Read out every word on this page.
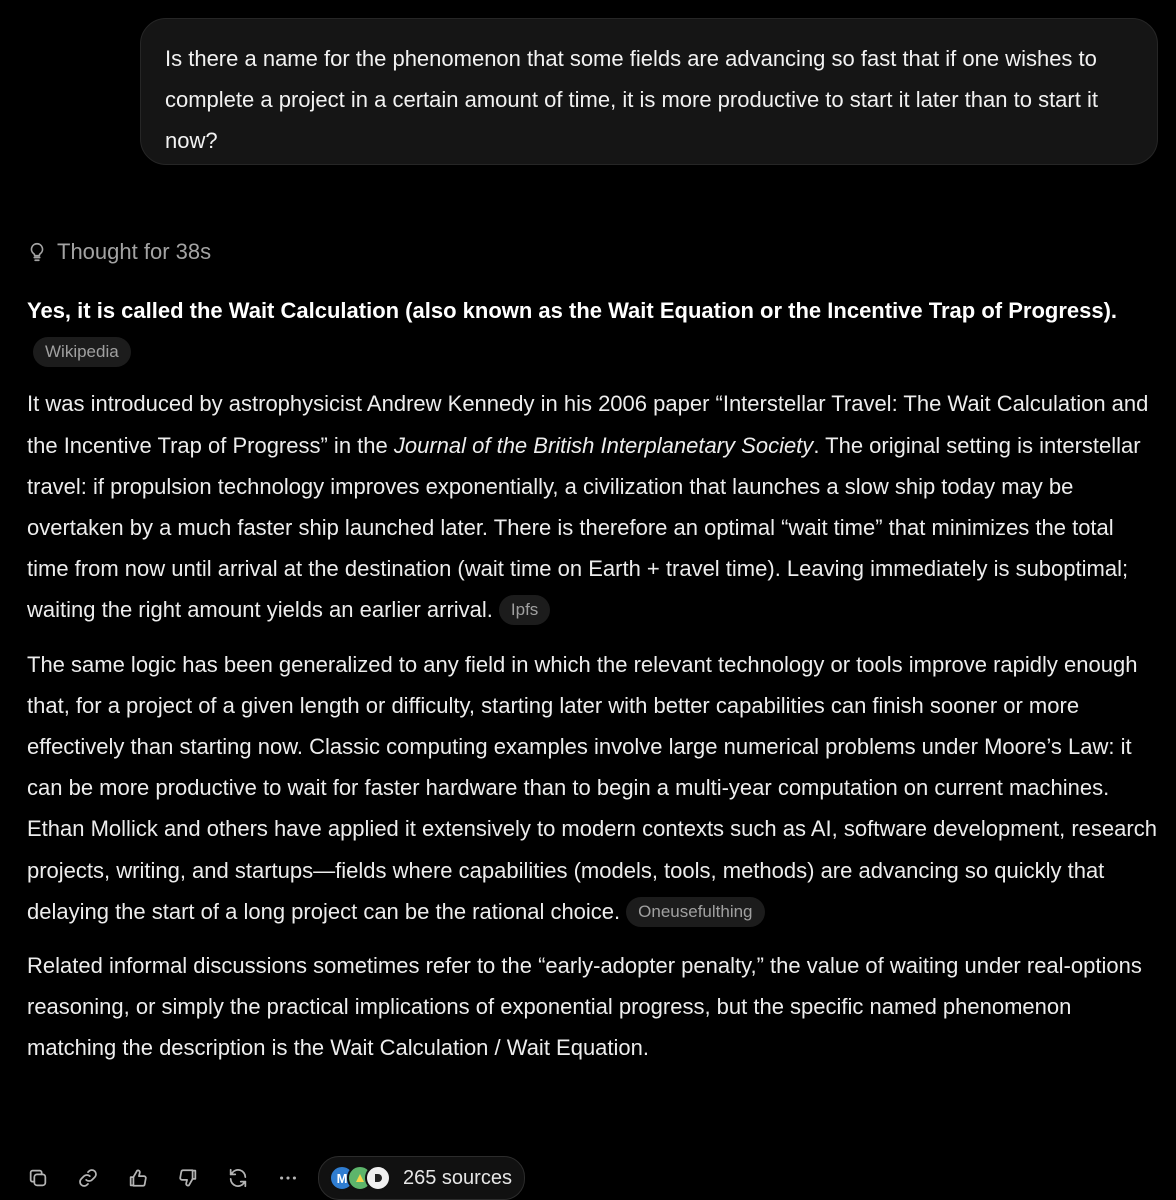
Is there a name for the phenomenon that some fields are advancing so fast that if one wishes to complete a project in a certain amount of time, it is more productive to start it later than to start it now?

Thought for 38s

Yes, it is called the Wait Calculation (also known as the Wait Equation or the Incentive Trap of Progress).Wikipedia

It was introduced by astrophysicist Andrew Kennedy in his 2006 paper “Interstellar Travel: The Wait Calculation and the Incentive Trap of Progress” in the Journal of the British Interplanetary Society. The original setting is interstellar travel: if propulsion technology improves exponentially, a civilization that launches a slow ship today may be overtaken by a much faster ship launched later. There is therefore an optimal “wait time” that minimizes the total time from now until arrival at the destination (wait time on Earth + travel time). Leaving immediately is suboptimal; waiting the right amount yields an earlier arrival. Ipfs

The same logic has been generalized to any field in which the relevant technology or tools improve rapidly enough that, for a project of a given length or difficulty, starting later with better capabilities can finish sooner or more effectively than starting now. Classic computing examples involve large numerical problems under Moore’s Law: it can be more productive to wait for faster hardware than to begin a multi-year computation on current machines. Ethan Mollick and others have applied it extensively to modern contexts such as AI, software development, research projects, writing, and startups—fields where capabilities (models, tools, methods) are advancing so quickly that delaying the start of a long project can be the rational choice. Oneusefulthing

Related informal discussions sometimes refer to the “early-adopter penalty,” the value of waiting under real-options reasoning, or simply the practical implications of exponential progress, but the specific named phenomenon matching the description is the Wait Calculation / Wait Equation.

M	265 sources
